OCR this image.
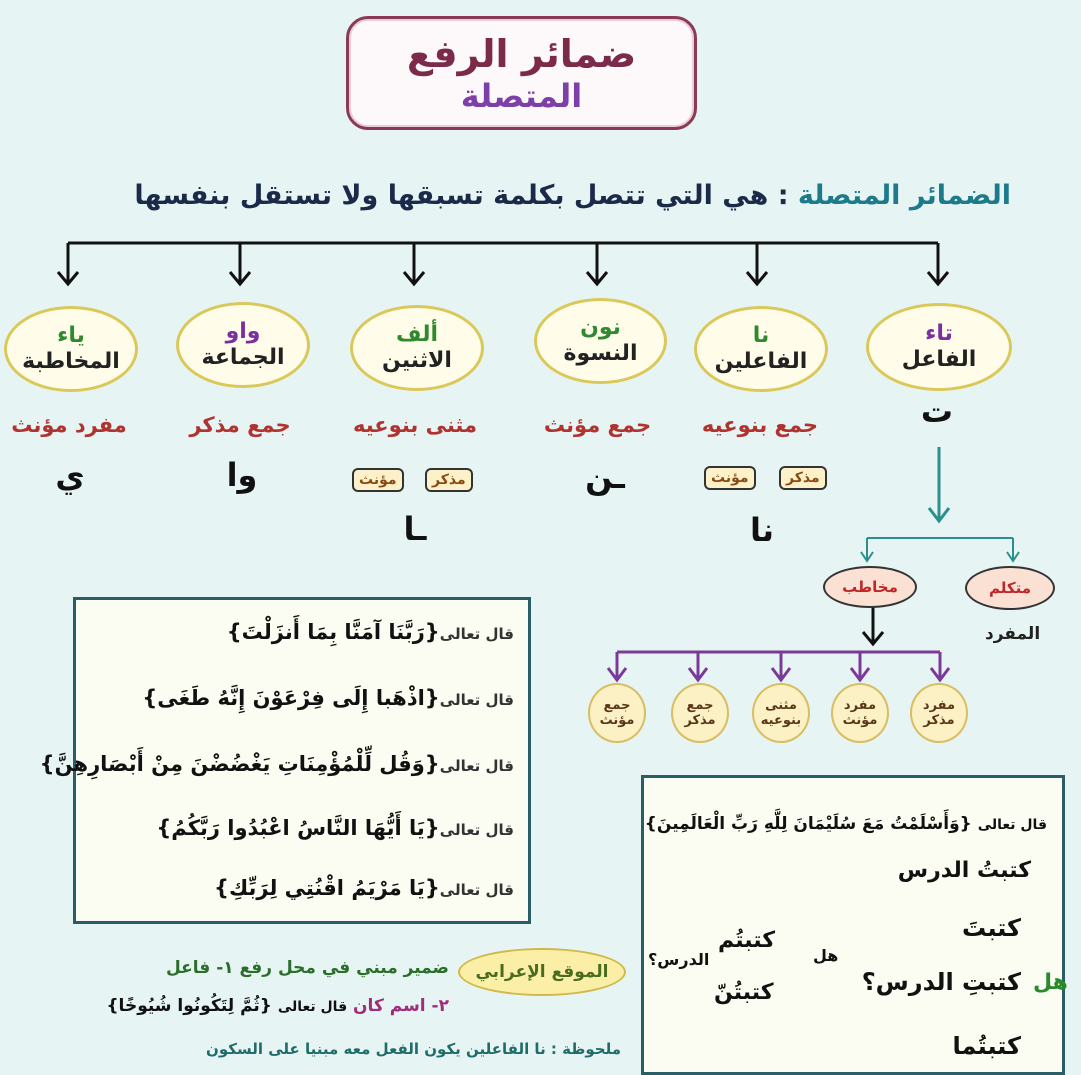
ضمائر الرفع
المتصلة
الضمائر المتصلة : هي التي تتصل بكلمة تسبقها ولا تستقل بنفسها
تاء
الفاعل
نا
الفاعلين
نون
النسوة
ألف
الاثنين
واو
الجماعة
ياء
المخاطبة
جمع بنوعيه
جمع مؤنث
مثنى بنوعيه
جمع مذكر
مفرد مؤنث	ت
نا
ـن
ـا
وا
ي	مذكر
مؤنث
مذكر
مؤنث
متكلم
مخاطب
المفرد
مفرد
مذكر
مفرد
مؤنث
مثنى
بنوعيه
جمع
مذكر
جمع
مؤنث
قال تعالى{رَبَّنَا آمَنَّا بِمَا أَنزَلْتَ}
قال تعالى{اذْهَبا إِلَى فِرْعَوْنَ إِنَّهُ طَغَى}
قال تعالى{وَقُل لِّلْمُؤْمِنَاتِ يَغْضُضْنَ مِنْ أَبْصَارِهِنَّ}
قال تعالى{يَا أَيُّهَا النَّاسُ اعْبُدُوا رَبَّكُمُ}
قال تعالى{يَا مَرْيَمُ اقْنُتِي لِرَبِّكِ}
قال تعالى {وَأَسْلَمْتُ مَعَ سُلَيْمَانَ لِلَّهِ رَبِّ الْعَالَمِينَ}
كتبتُ الدرس
هل
كتبتَ
كتبتِ الدرس؟
كتبتُما
هل
الدرس؟
كتبتُم
كتبتُنّ
الموقع الإعرابي
ضمير مبني في محل رفع ١- فاعل
٢- اسم كان قال تعالى {ثُمَّ لِتَكُونُوا شُيُوخًا}
ملحوظة : نا الفاعلين يكون الفعل معه مبنيا على السكون
